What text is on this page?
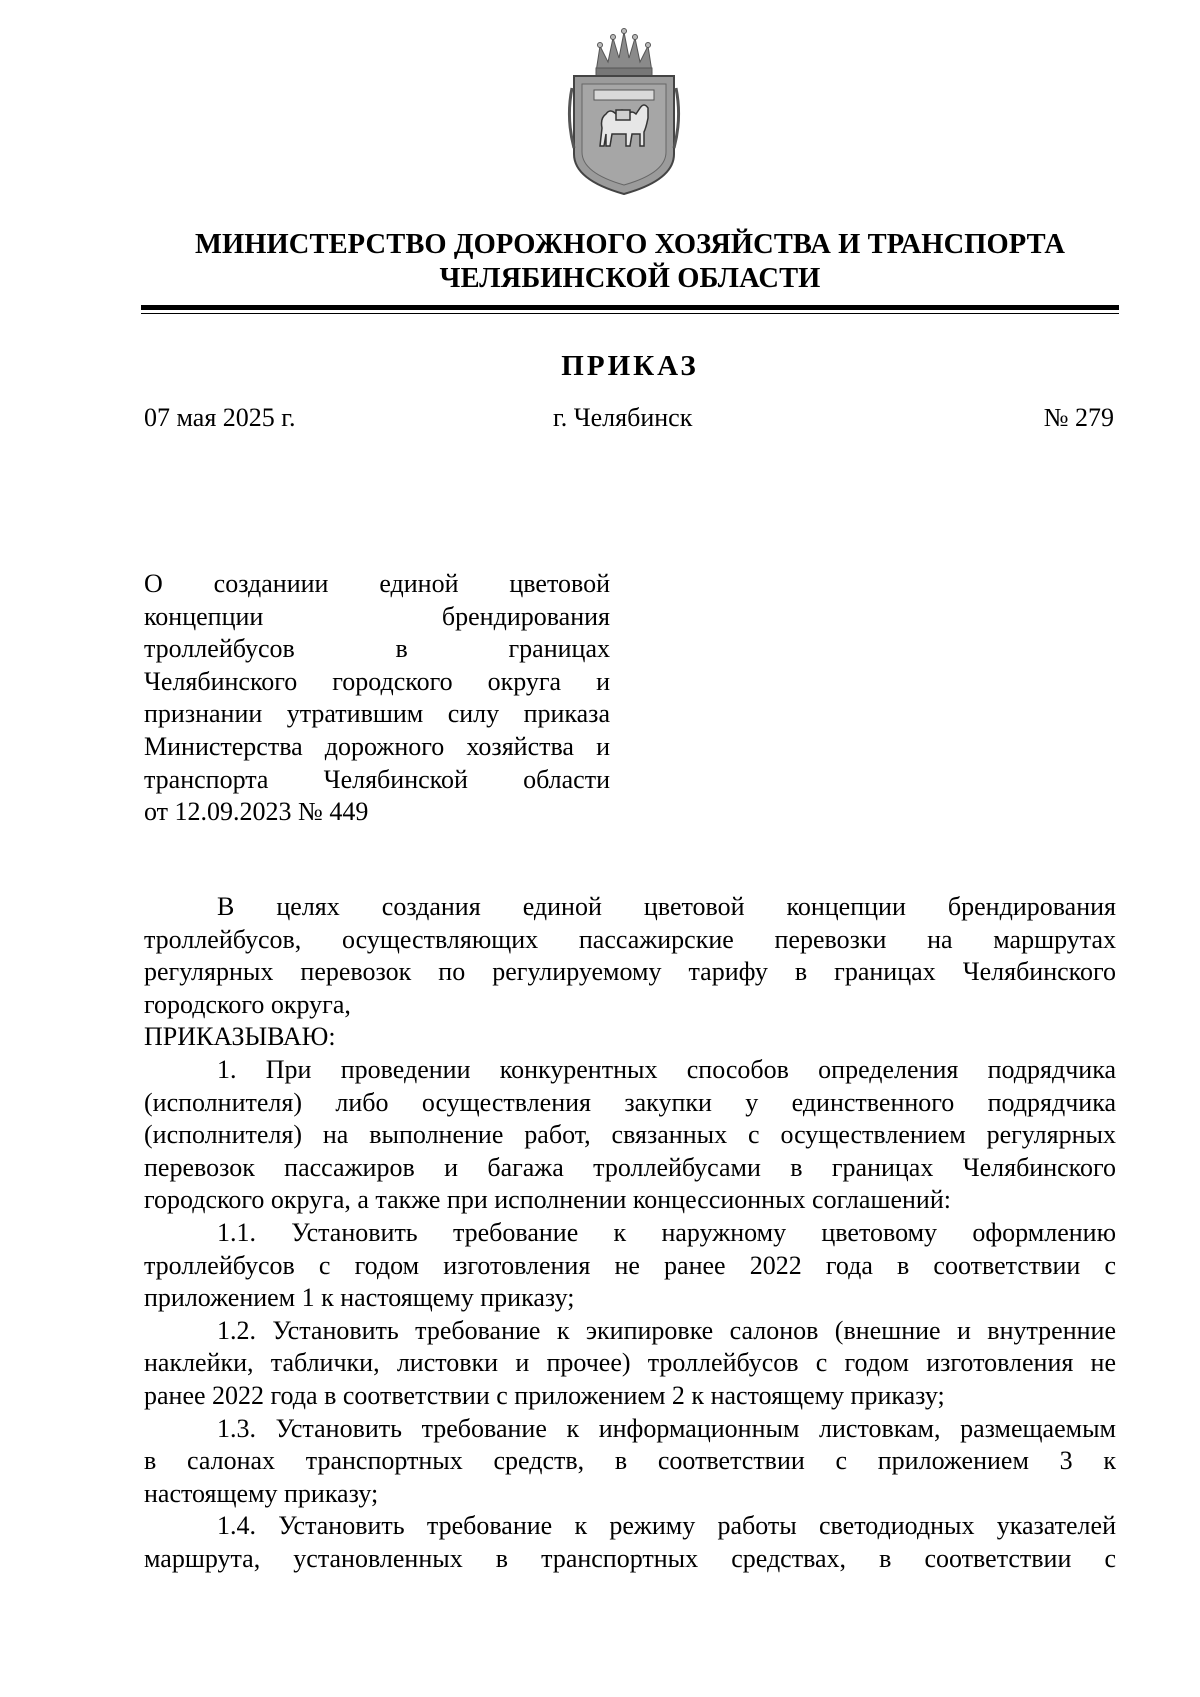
МИНИСТЕРСТВО ДОРОЖНОГО ХОЗЯЙСТВА И ТРАНСПОРТА
ЧЕЛЯБИНСКОЙ ОБЛАСТИ
ПРИКАЗ
07 мая 2025 г.	г. Челябинск	№ 279
О созданиии единой цветовой
концепции брендирования
троллейбусов в границах
Челябинского городского округа и
признании утратившим силу приказа
Министерства дорожного хозяйства и
транспорта Челябинской области
от 12.09.2023 № 449
В целях создания единой цветовой концепции брендирования
троллейбусов, осуществляющих пассажирские перевозки на маршрутах
регулярных перевозок по регулируемому тарифу в границах Челябинского
городского округа,
ПРИКАЗЫВАЮ:
1. При проведении конкурентных способов определения подрядчика
(исполнителя) либо осуществления закупки у единственного подрядчика
(исполнителя) на выполнение работ, связанных с осуществлением регулярных
перевозок пассажиров и багажа троллейбусами в границах Челябинского
городского округа, а также при исполнении концессионных соглашений:
1.1. Установить требование к наружному цветовому оформлению
троллейбусов с годом изготовления не ранее 2022 года в соответствии с
приложением 1 к настоящему приказу;
1.2. Установить требование к экипировке салонов (внешние и внутренние
наклейки, таблички, листовки и прочее) троллейбусов с годом изготовления не
ранее 2022 года в соответствии с приложением 2 к настоящему приказу;
1.3. Установить требование к информационным листовкам, размещаемым
в салонах транспортных средств, в соответствии с приложением 3 к
настоящему приказу;
1.4. Установить требование к режиму работы светодиодных указателей
маршрута, установленных в транспортных средствах, в соответствии с
